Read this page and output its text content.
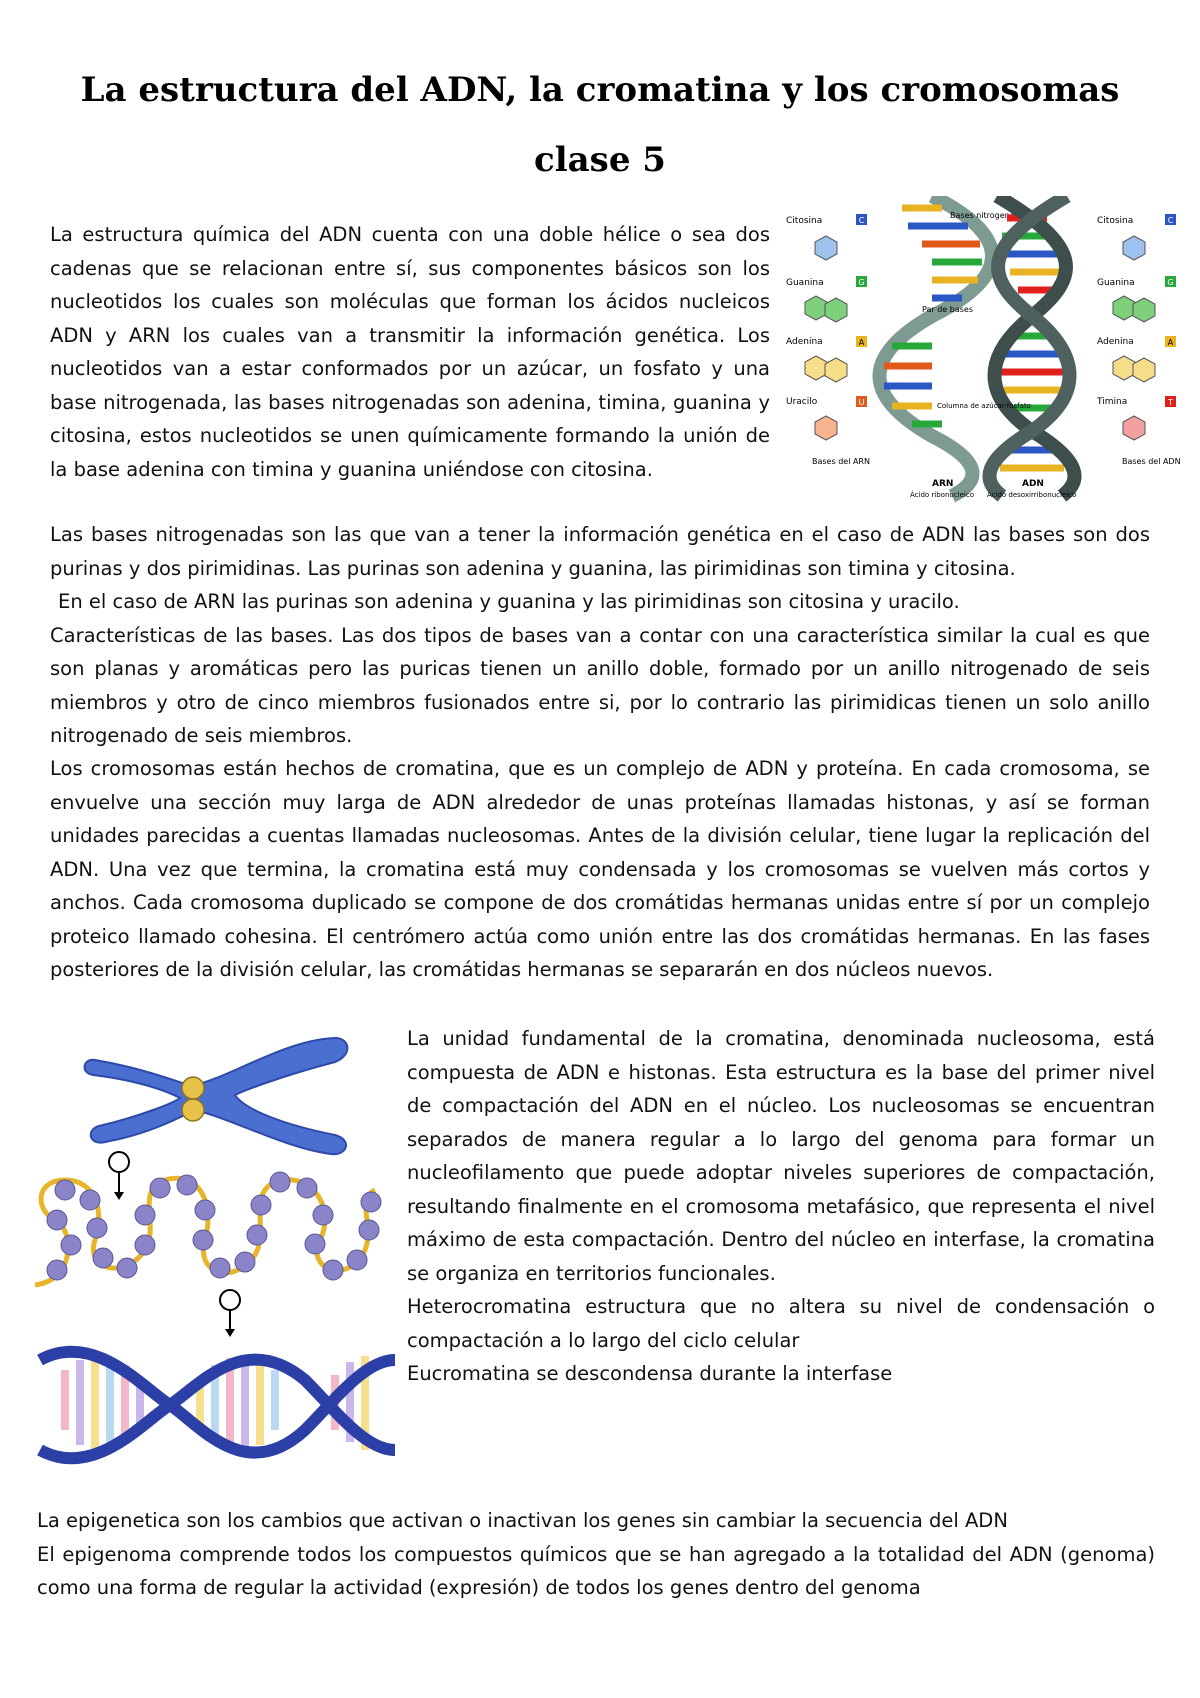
La estructura del ADN, la cromatina y los cromosomas
clase 5

La estructura química del ADN cuenta con una doble hélice o sea dos cadenas que se relacionan entre sí, sus componentes básicos son los nucleotidos los cuales son moléculas que forman los ácidos nucleicos ADN y ARN los cuales van a transmitir la información genética. Los nucleotidos van a estar conformados por un azúcar, un fosfato y una base nitrogenada, las bases nitrogenadas son adenina, timina, guanina y citosina, estos nucleotidos se unen químicamente formando la unión de la base adenina con timina y guanina uniéndose con citosina.

Citosina
Guanina
Adenina
Uracilo
C
G
A
U
Bases del ARN
Bases nitrogenadas
ARN
Ácido ribonucleico
Par de bases
Columna de azúcar-fosfato
ADN
Ácido desoxirribonucleico
Citosina
Guanina
Adenina
Timina
C
G
A
T
Bases del ADN
Las bases nitrogenadas son las que van a tener la información genética en el caso de ADN las bases son dos purinas y dos pirimidinas. Las purinas son adenina y guanina, las pirimidinas son timina y citosina.
En el caso de ARN las purinas son adenina y guanina y las pirimidinas son citosina y uracilo.
Características de las bases. Las dos tipos de bases van a contar con una característica similar la cual es que son planas y aromáticas pero las puricas tienen un anillo doble, formado por un anillo nitrogenado de seis miembros y otro de cinco miembros fusionados entre si, por lo contrario las pirimidicas tienen un solo anillo nitrogenado de seis miembros.

Los cromosomas están hechos de cromatina, que es un complejo de ADN y proteína. En cada cromosoma, se envuelve una sección muy larga de ADN alrededor de unas proteínas llamadas histonas, y así se forman unidades parecidas a cuentas llamadas nucleosomas. Antes de la división celular, tiene lugar la replicación del ADN. Una vez que termina, la cromatina está muy condensada y los cromosomas se vuelven más cortos y anchos. Cada cromosoma duplicado se compone de dos cromátidas hermanas unidas entre sí por un complejo proteico llamado cohesina. El centrómero actúa como unión entre las dos cromátidas hermanas. En las fases posteriores de la división celular, las cromátidas hermanas se separarán en dos núcleos nuevos.

La unidad fundamental de la cromatina, denominada nucleosoma, está compuesta de ADN e histonas. Esta estructura es la base del primer nivel de compactación del ADN en el núcleo. Los nucleosomas se encuentran separados de manera regular a lo largo del genoma para formar un nucleofilamento que puede adoptar niveles superiores de compactación, resultando finalmente en el cromosoma metafásico, que representa el nivel máximo de esta compactación. Dentro del núcleo en interfase, la cromatina se organiza en territorios funcionales.
Heterocromatina estructura que no altera su nivel de condensación o compactación a lo largo del ciclo celular
Eucromatina se descondensa durante la interfase
La epigenetica son los cambios que activan o inactivan los genes sin cambiar la secuencia del ADN
El epigenoma comprende todos los compuestos químicos que se han agregado a la totalidad del ADN (genoma) como una forma de regular la actividad (expresión) de todos los genes dentro del genoma
